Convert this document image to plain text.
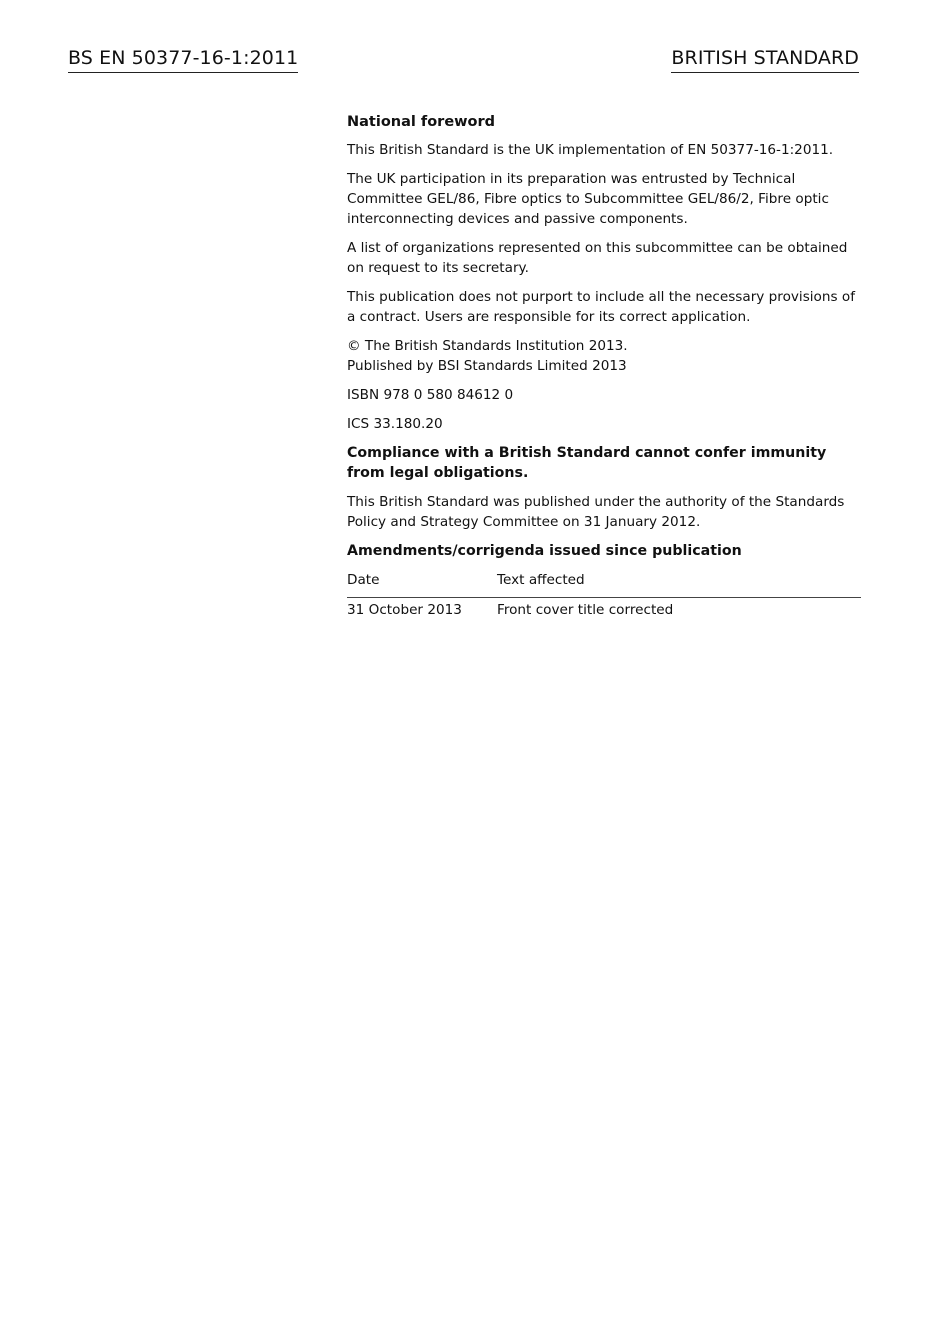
BS EN 50377-16-1:2011	BRITISH STANDARD

National foreword

This British Standard is the UK implementation of EN 50377-16-1:2011.

The UK participation in its preparation was entrusted by Technical Committee GEL/86, Fibre optics to Subcommittee GEL/86/2, Fibre optic interconnecting devices and passive components.

A list of organizations represented on this subcommittee can be obtained on request to its secretary.

This publication does not purport to include all the necessary provisions of a contract. Users are responsible for its correct application.

© The British Standards Institution 2013.
Published by BSI Standards Limited 2013

ISBN 978 0 580 84612 0

ICS 33.180.20

Compliance with a British Standard cannot confer immunity from legal obligations.

This British Standard was published under the authority of the Standards Policy and Strategy Committee on 31 January 2012.

Amendments/corrigenda issued since publication

Date	Text affected
31 October 2013	Front cover title corrected
